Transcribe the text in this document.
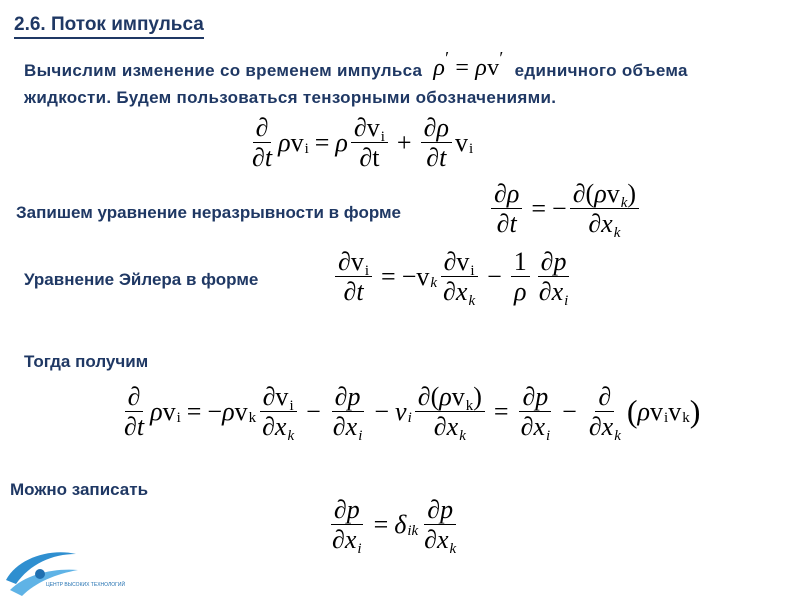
2.6. Поток импульса
Вычислим изменение со временем импульса ρ ′ = ρ v ′
единичного объема жидкости. Будем пользоваться тензорными обозначениями.
$\frac{\partial}{\partial t}$ ρ v i = ρ $\frac{\partial vi}{\partial t} + \frac{\partial\rho}{\partial t}$ v i
Запишем уравнение неразрывности в форме	$\frac{\partial\rho}{\partial t}$ = − $\frac{\text{∂(ρvk)}}{\partial xk}$
Уравнение Эйлера в форме	$\frac{\partial vi}{\partial t} = -v$ k $\frac{\partial vi}{\partial xk} - \frac{1}{\rho} \frac{\partial p}{\partial xi}$
Тогда получим
$\frac{\partial}{\partial t}$ ρ v i = − ρ v k $\frac{\partial vi}{\partial xk} - \frac{\partial p}{\partial xi} - v$ i $\frac{\text{∂(ρvk)}}{\partial xk} = \frac{\partial p}{\partial xi} - \frac{\partial}{\partial xk}$ ( ρ v i v k )
Можно записать
$\frac{\partial p}{\partial xi} = \delta$ ik $\frac{\partial p}{\partial xk}$
ЦЕНТР ВЫСОКИХ ТЕХНОЛОГИЙ
